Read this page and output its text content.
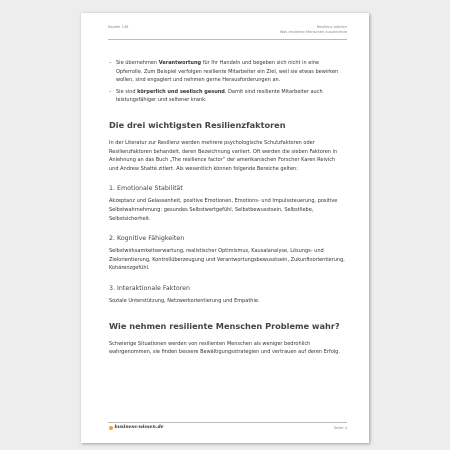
Kapitel 146	Resilienz stärken
Was resiliente Menschen auszeichnet
– Sie übernehmen Verantwortung für Ihr Handeln und begeben sich nicht in eine Opferrolle. Zum Beispiel verfolgen resiliente Mitarbeiter ein Ziel, weil sie etwas bewirken wollen, sind engagiert und nehmen gerne Herausforderungen an.
– Sie sind körperlich und seelisch gesund. Damit sind resiliente Mitarbeiter auch leistungsfähiger und seltener krank.
Die drei wichtigsten Resilienzfaktoren

In der Literatur zur Resilienz werden mehrere psychologische Schutzfaktoren oder Resilienzfaktoren behandelt, deren Bezeichnung variiert. Oft werden die sieben Faktoren in Anlehnung an das Buch „The resilience factor“ der amerikanischen Forscher Karen Reivich und Andrew Shatté zitiert. Als wesentlich können folgende Bereiche gelten:

1. Emotionale Stabilität

Akzeptanz und Gelassenheit, positive Emotionen, Emotions- und Impulssteuerung, positive Selbstwahrnehmung: gesundes Selbstwertgefühl, Selbstbewusstsein, Selbstliebe, Selbstsicherheit.

2. Kognitive Fähigkeiten

Selbstwirksamkeitserwartung, realistischer Optimismus, Kausalanalyse, Lösungs- und Zielorientierung, Kontrollüberzeugung und Verantwortungsbewusstsein, Zukunftsorientierung, Kohärenzgefühl.

3. Interaktionale Faktoren

Soziale Unterstützung, Netzwerkorientierung und Empathie.

Wie nehmen resiliente Menschen Probleme wahr?

Schwierige Situationen werden von resilienten Menschen als weniger bedrohlich wahrgenommen, sie finden bessere Bewältigungsstrategien und vertrauen auf deren Erfolg.

business-wissen.de	Seite 4
